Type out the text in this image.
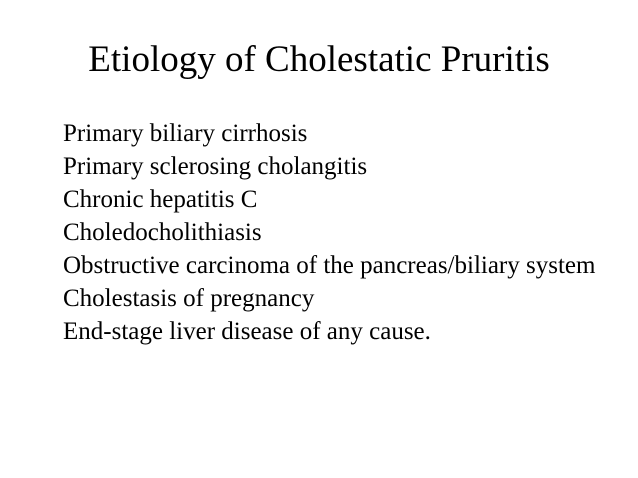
Etiology of Cholestatic Pruritis
Primary biliary cirrhosis
Primary sclerosing cholangitis
Chronic hepatitis C
Choledocholithiasis
Obstructive carcinoma of the pancreas/biliary system
Cholestasis of pregnancy
End-stage liver disease of any cause.
